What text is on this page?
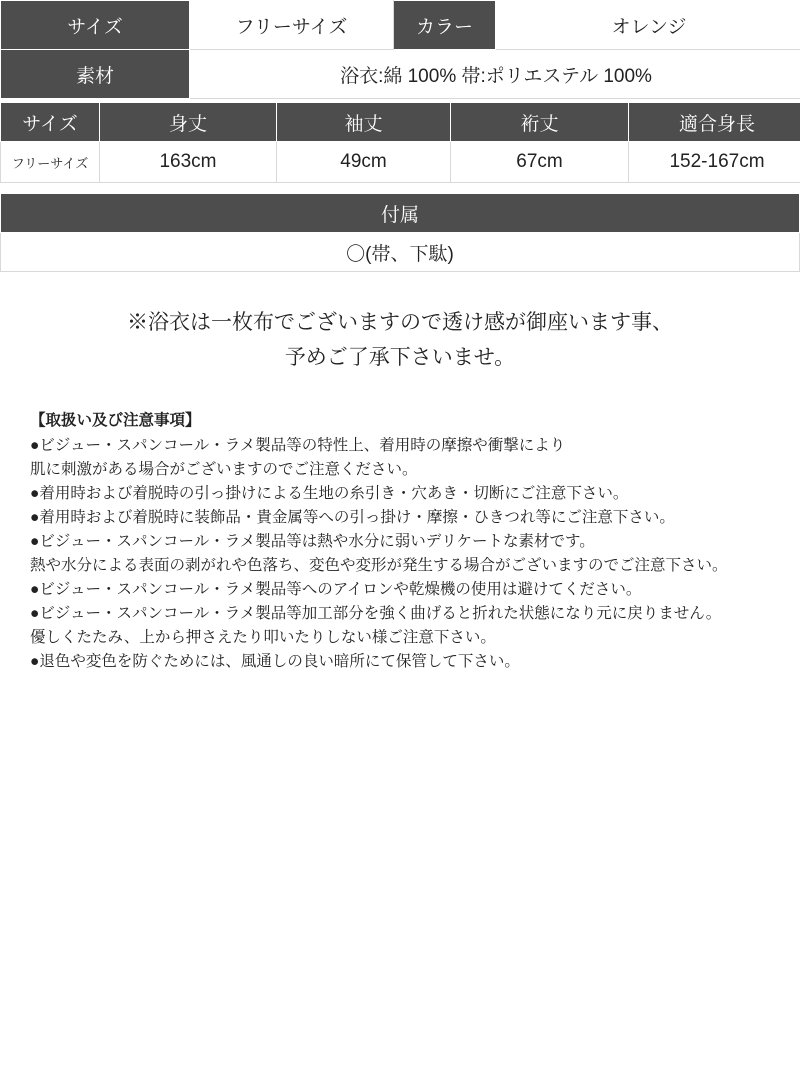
サイズ	フリーサイズ	カラー	オレンジ
素材	浴衣:綿 100% 帯:ポリエステル 100%		
サイズ	身丈	袖丈	裄丈	適合身長
フリーサイズ	163cm	49cm	67cm	152-167cm
付属
〇(帯、下駄)
※浴衣は一枚布でございますので透け感が御座います事、
予めご了承下さいませ。
【取扱い及び注意事項】
●ビジュー・スパンコール・ラメ製品等の特性上、着用時の摩擦や衝撃により
肌に刺激がある場合がございますのでご注意ください。
●着用時および着脱時の引っ掛けによる生地の糸引き・穴あき・切断にご注意下さい。
●着用時および着脱時に装飾品・貴金属等への引っ掛け・摩擦・ひきつれ等にご注意下さい。
●ビジュー・スパンコール・ラメ製品等は熱や水分に弱いデリケートな素材です。
熱や水分による表面の剥がれや色落ち、変色や変形が発生する場合がございますのでご注意下さい。
●ビジュー・スパンコール・ラメ製品等へのアイロンや乾燥機の使用は避けてください。
●ビジュー・スパンコール・ラメ製品等加工部分を強く曲げると折れた状態になり元に戻りません。
優しくたたみ、上から押さえたり叩いたりしない様ご注意下さい。
●退色や変色を防ぐためには、風通しの良い暗所にて保管して下さい。
